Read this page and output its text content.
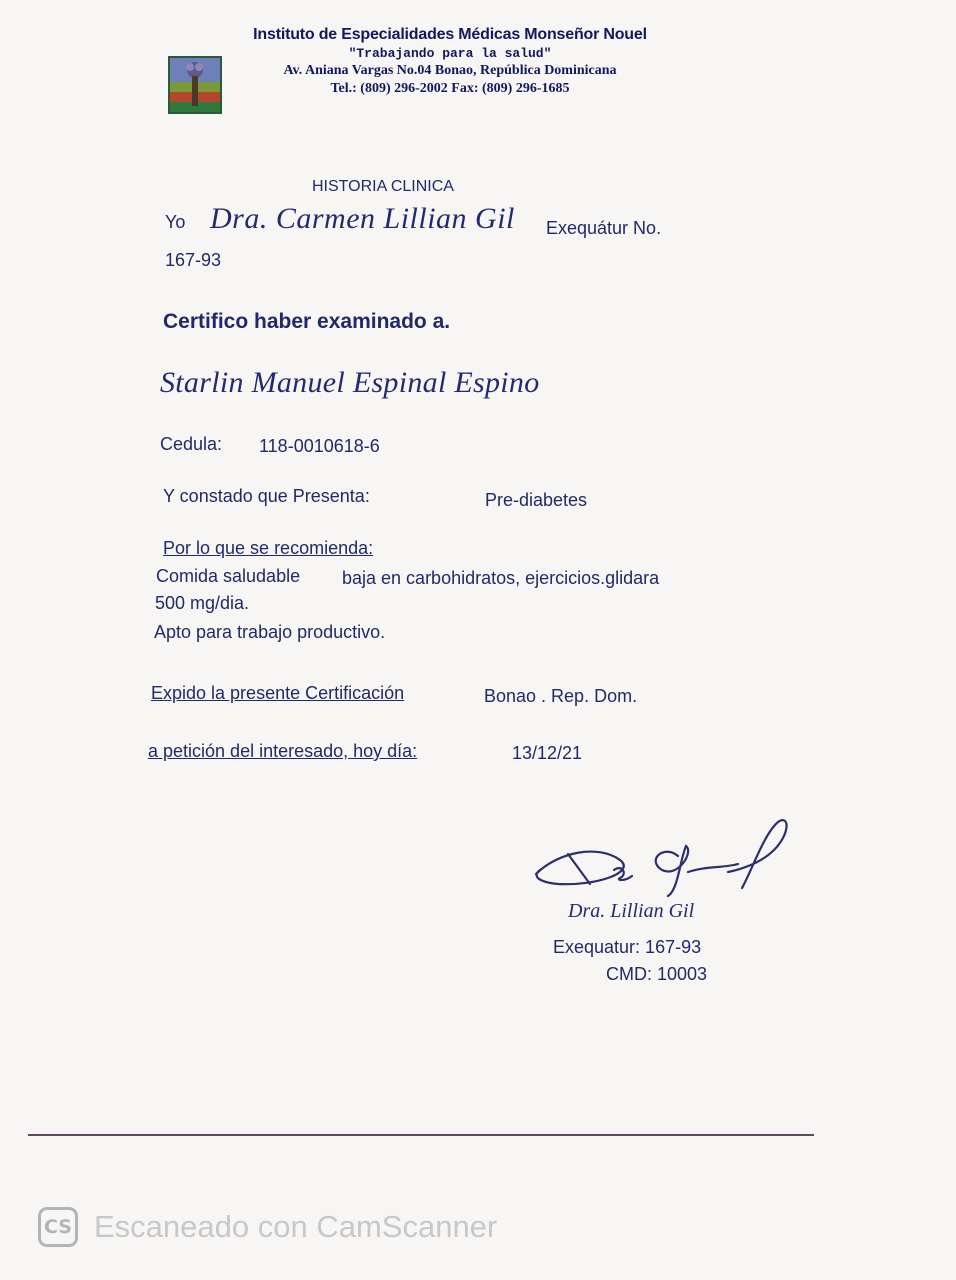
Instituto de Especialidades Médicas Monseñor Nouel
"Trabajando para la salud"
Av. Aniana Vargas No.04 Bonao, República Dominicana
Tel.: (809) 296-2002 Fax: (809) 296-1685
HISTORIA CLINICA
Yo Dra. Carmen Lillian Gil Exequátur No.
167-93
Certifico haber examinado a.
Starlin Manuel Espinal Espino
Cedula: 118-0010618-6
Y constado que Presenta:	Pre-diabetes
Por lo que se recomienda:
Comida saludable baja en carbohidratos, ejercicios.glidara
500 mg/dia.
Apto para trabajo productivo.
Expido la presente Certificación	Bonao . Rep. Dom.
a petición del interesado, hoy día:	13/12/21
Dra. Lillian Gil
Exequatur: 167-93
CMD: 10003
CS Escaneado con CamScanner
